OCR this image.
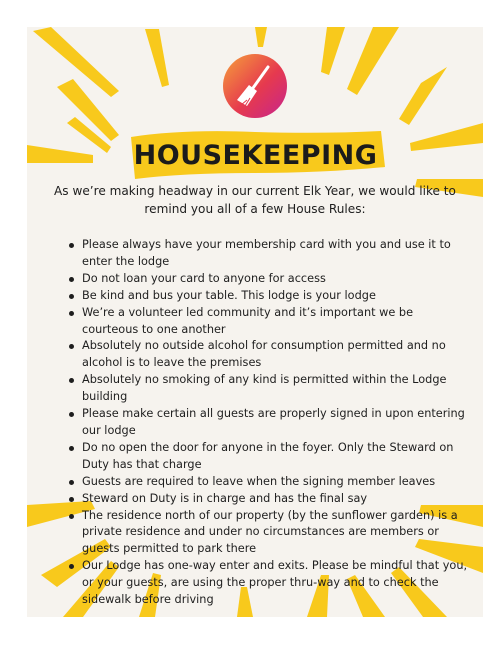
HOUSEKEEPING

As we’re making headway in our current Elk Year, we would like to remind you all of a few House Rules:

Please always have your membership card with you and use it to enter the lodge
Do not loan your card to anyone for access
Be kind and bus your table. This lodge is your lodge
We’re a volunteer led community and it’s important we be courteous to one another
Absolutely no outside alcohol for consumption permitted and no alcohol is to leave the premises
Absolutely no smoking of any kind is permitted within the Lodge building
Please make certain all guests are properly signed in upon entering our lodge
Do no open the door for anyone in the foyer. Only the Steward on Duty has that charge
Guests are required to leave when the signing member leaves
Steward on Duty is in charge and has the final say
The residence north of our property (by the sunflower garden) is a private residence and under no circumstances are members or guests permitted to park there
Our Lodge has one-way enter and exits. Please be mindful that you, or your guests, are using the proper thru-way and to check the sidewalk before driving
